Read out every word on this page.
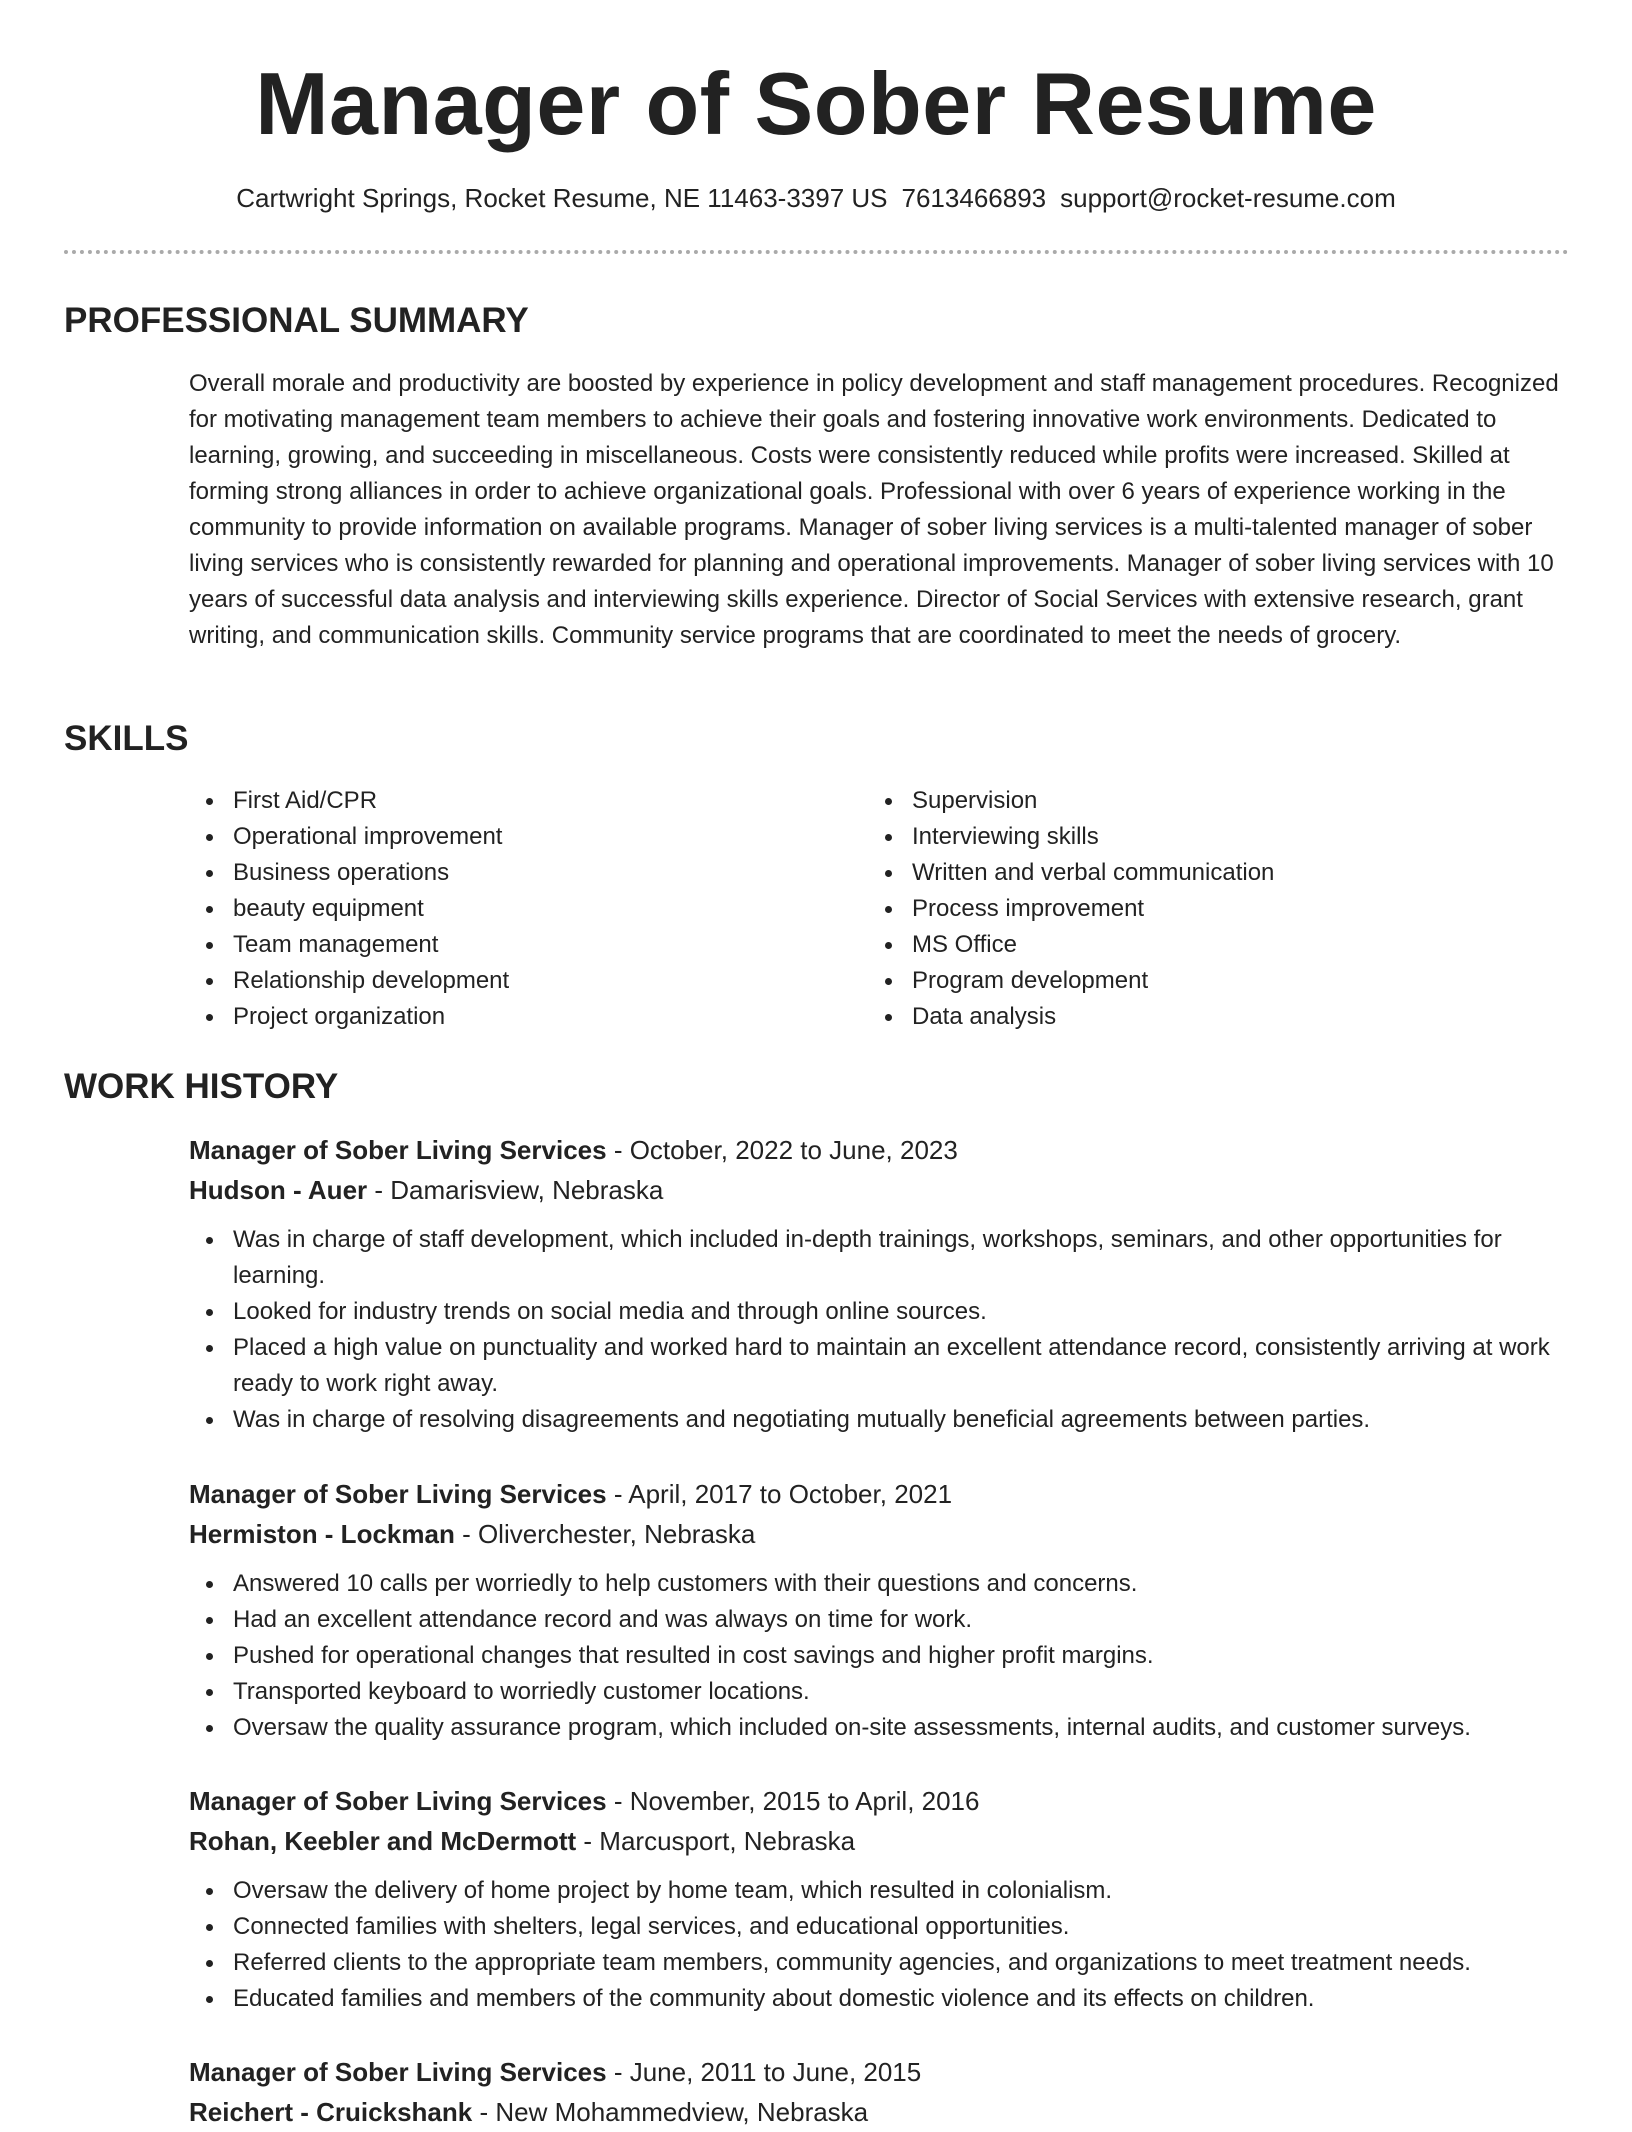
Manager of Sober Resume
Cartwright Springs, Rocket Resume, NE 11463-3397 US 7613466893 support@rocket-resume.com
PROFESSIONAL SUMMARY

Overall morale and productivity are boosted by experience in policy development and staff management procedures. Recognized for motivating management team members to achieve their goals and fostering innovative work environments. Dedicated to learning, growing, and succeeding in miscellaneous. Costs were consistently reduced while profits were increased. Skilled at forming strong alliances in order to achieve organizational goals. Professional with over 6 years of experience working in the community to provide information on available programs. Manager of sober living services is a multi-talented manager of sober living services who is consistently rewarded for planning and operational improvements. Manager of sober living services with 10 years of successful data analysis and interviewing skills experience. Director of Social Services with extensive research, grant writing, and communication skills. Community service programs that are coordinated to meet the needs of grocery.

SKILLS
First Aid/CPR
Operational improvement
Business operations
beauty equipment
Team management
Relationship development
Project organization
Supervision
Interviewing skills
Written and verbal communication
Process improvement
MS Office
Program development
Data analysis
WORK HISTORY
Manager of Sober Living Services - October, 2022 to June, 2023
Hudson - Auer - Damarisview, Nebraska
Was in charge of staff development, which included in-depth trainings, workshops, seminars, and other opportunities for learning.
Looked for industry trends on social media and through online sources.
Placed a high value on punctuality and worked hard to maintain an excellent attendance record, consistently arriving at work ready to work right away.
Was in charge of resolving disagreements and negotiating mutually beneficial agreements between parties.
Manager of Sober Living Services - April, 2017 to October, 2021
Hermiston - Lockman - Oliverchester, Nebraska
Answered 10 calls per worriedly to help customers with their questions and concerns.
Had an excellent attendance record and was always on time for work.
Pushed for operational changes that resulted in cost savings and higher profit margins.
Transported keyboard to worriedly customer locations.
Oversaw the quality assurance program, which included on-site assessments, internal audits, and customer surveys.
Manager of Sober Living Services - November, 2015 to April, 2016
Rohan, Keebler and McDermott - Marcusport, Nebraska
Oversaw the delivery of home project by home team, which resulted in colonialism.
Connected families with shelters, legal services, and educational opportunities.
Referred clients to the appropriate team members, community agencies, and organizations to meet treatment needs.
Educated families and members of the community about domestic violence and its effects on children.
Manager of Sober Living Services - June, 2011 to June, 2015
Reichert - Cruickshank - New Mohammedview, Nebraska
